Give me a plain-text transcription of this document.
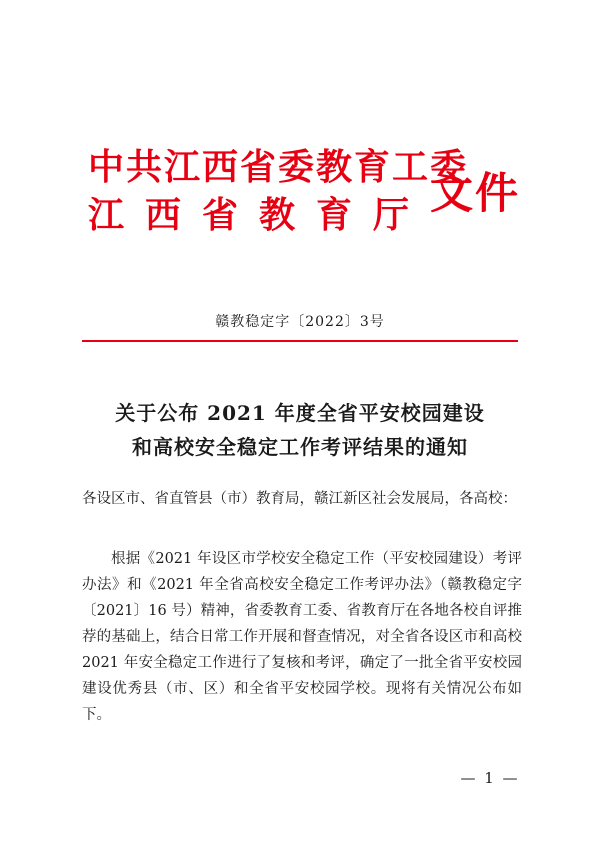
中共江西省委教育工委
江西省教育厅 文件
赣教稳定字〔2022〕3号
关于公布 2021 年度全省平安校园建设
和高校安全稳定工作考评结果的通知
各设区市、省直管县（市）教育局，赣江新区社会发展局，各高校：
根据《2021 年设区市学校安全稳定工作（平安校园建设）考评办法》和《2021 年全省高校安全稳定工作考评办法》（赣教稳定字〔2021〕16 号）精神，省委教育工委、省教育厅在各地各校自评推荐的基础上，结合日常工作开展和督查情况，对全省各设区市和高校 2021 年安全稳定工作进行了复核和考评，确定了一批全省平安校园建设优秀县（市、区）和全省平安校园学校。现将有关情况公布如下。
— 1 —
